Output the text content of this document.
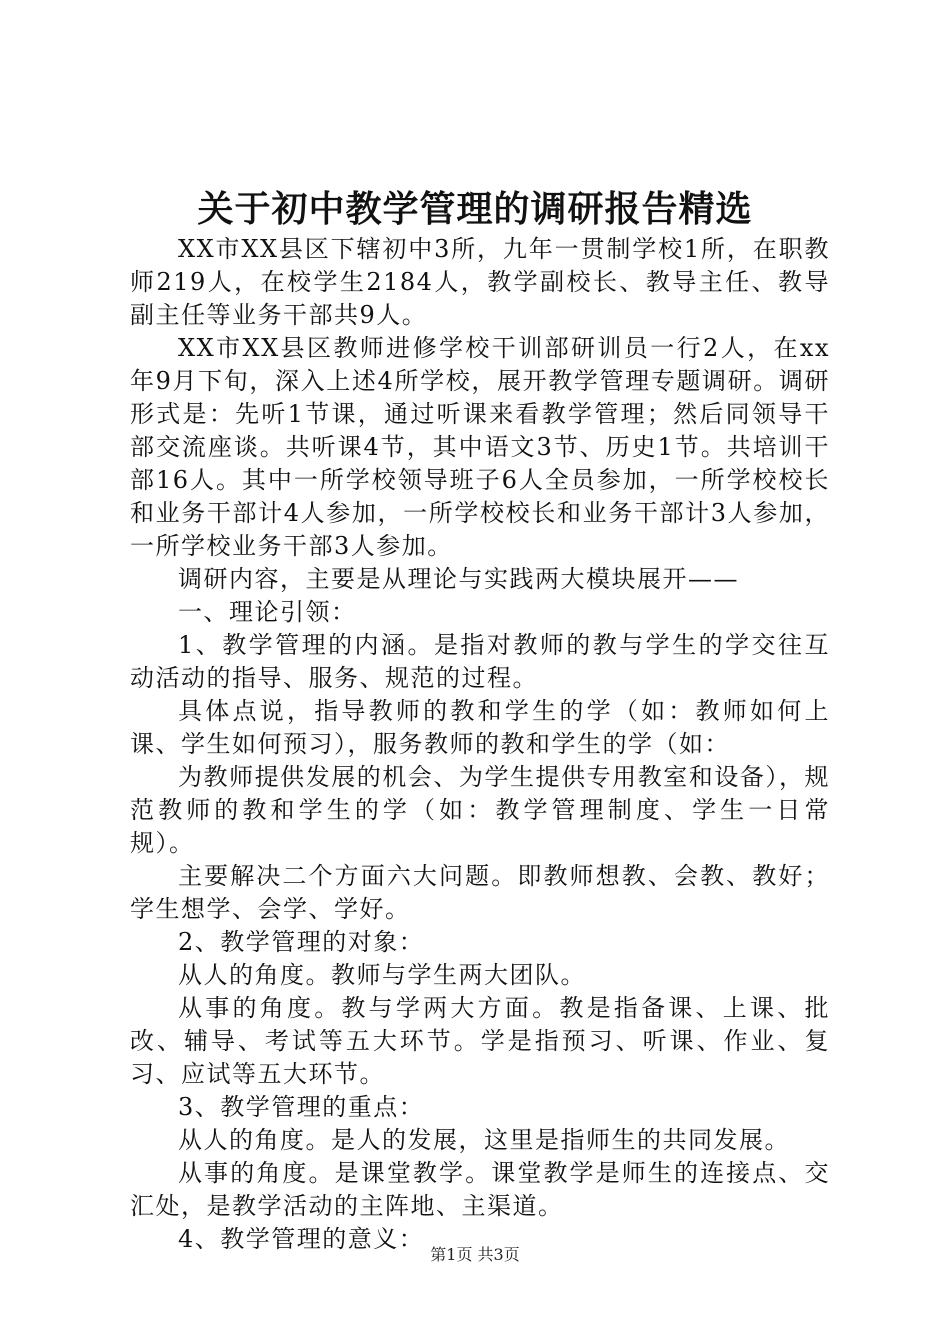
关于初中教学管理的调研报告精选

XX市XX县区下辖初中3所，九年一贯制学校1所，在职教师219人，在校学生2184人，教学副校长、教导主任、教导副主任等业务干部共9人。

XX市XX县区教师进修学校干训部研训员一行2人，在xx年9月下旬，深入上述4所学校，展开教学管理专题调研。调研形式是：先听1节课，通过听课来看教学管理；然后同领导干部交流座谈。共听课4节，其中语文3节、历史1节。共培训干部16人。其中一所学校领导班子6人全员参加，一所学校校长和业务干部计4人参加，一所学校校长和业务干部计3人参加，一所学校业务干部3人参加。

调研内容，主要是从理论与实践两大模块展开——

一、理论引领：

1、教学管理的内涵。是指对教师的教与学生的学交往互动活动的指导、服务、规范的过程。

具体点说，指导教师的教和学生的学（如：教师如何上课、学生如何预习），服务教师的教和学生的学（如：

为教师提供发展的机会、为学生提供专用教室和设备），规范教师的教和学生的学（如：教学管理制度、学生一日常规）。

主要解决二个方面六大问题。即教师想教、会教、教好；学生想学、会学、学好。

2、教学管理的对象：

从人的角度。教师与学生两大团队。

从事的角度。教与学两大方面。教是指备课、上课、批改、辅导、考试等五大环节。学是指预习、听课、作业、复习、应试等五大环节。

3、教学管理的重点：

从人的角度。是人的发展，这里是指师生的共同发展。

从事的角度。是课堂教学。课堂教学是师生的连接点、交汇处，是教学活动的主阵地、主渠道。

4、教学管理的意义：

第1页 共3页
